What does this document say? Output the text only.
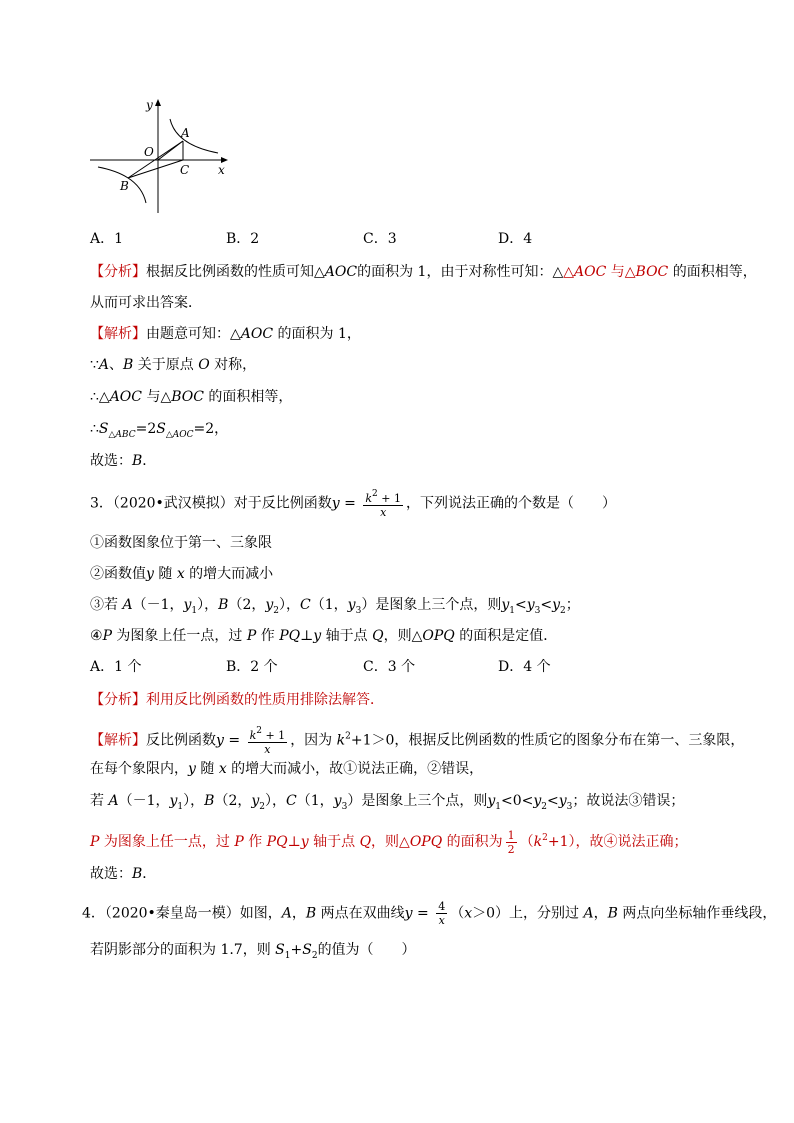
y
x
O
A
B
C
A．1	B．2	C．3	D．4
【分析】根据反比例函数的性质可知△AOC的面积为 1，由于对称性可知：△△AOC 与△BOC 的面积相等，
从而可求出答案．
【解析】由题意可知：△AOC 的面积为 1，
∵A、B 关于原点 O 对称，
∴△AOC 与△BOC 的面积相等，
$\therefore S_{\triangle ABC}=2S_{\triangle AOC}=2$，
故选：B．
3．（2020•武汉模拟）对于反比例函数$y = \frac{k^2 + 1}{x}$ ，下列说法正确的个数是（　　）
①函数图象位于第一、三象限
②函数值y 随 x 的增大而减小
③若 A（－1，$y_1$），B（2，$y_2$），C（1，$y_3$）是图象上三个点，则$y_1<y_3<y_2$；
④P 为图象上任一点，过 P 作 PQ⊥y 轴于点 Q，则△OPQ 的面积是定值．
A．1 个	B．2 个	C．3 个	D．4 个
【分析】利用反比例函数的性质用排除法解答．
【解析】反比例函数$y = \frac{k^2 + 1}{x}$ ，因为 $k^2+1>0$，根据反比例函数的性质它的图象分布在第一、三象限，
在每个象限内，y 随 x 的增大而减小，故①说法正确，②错误，
若 A（－1，$y_1$），B（2，$y_2$），C（1，$y_3$）是图象上三个点，则$y_1<0<y_2<y_3$；故说法③错误；
P 为图象上任一点，过 P 作 PQ⊥y 轴于点 Q，则△OPQ 的面积为 $\frac{1}{2} (k^2+1)$，故④说法正确；
故选：B．
4．（2020•秦皇岛一模）如图，A，B 两点在双曲线$y = \frac{4}{x} (x>0)$上，分别过 A，B 两点向坐标轴作垂线段，
若阴影部分的面积为 1.7，则 $S_1+S_2$的值为（　　）
